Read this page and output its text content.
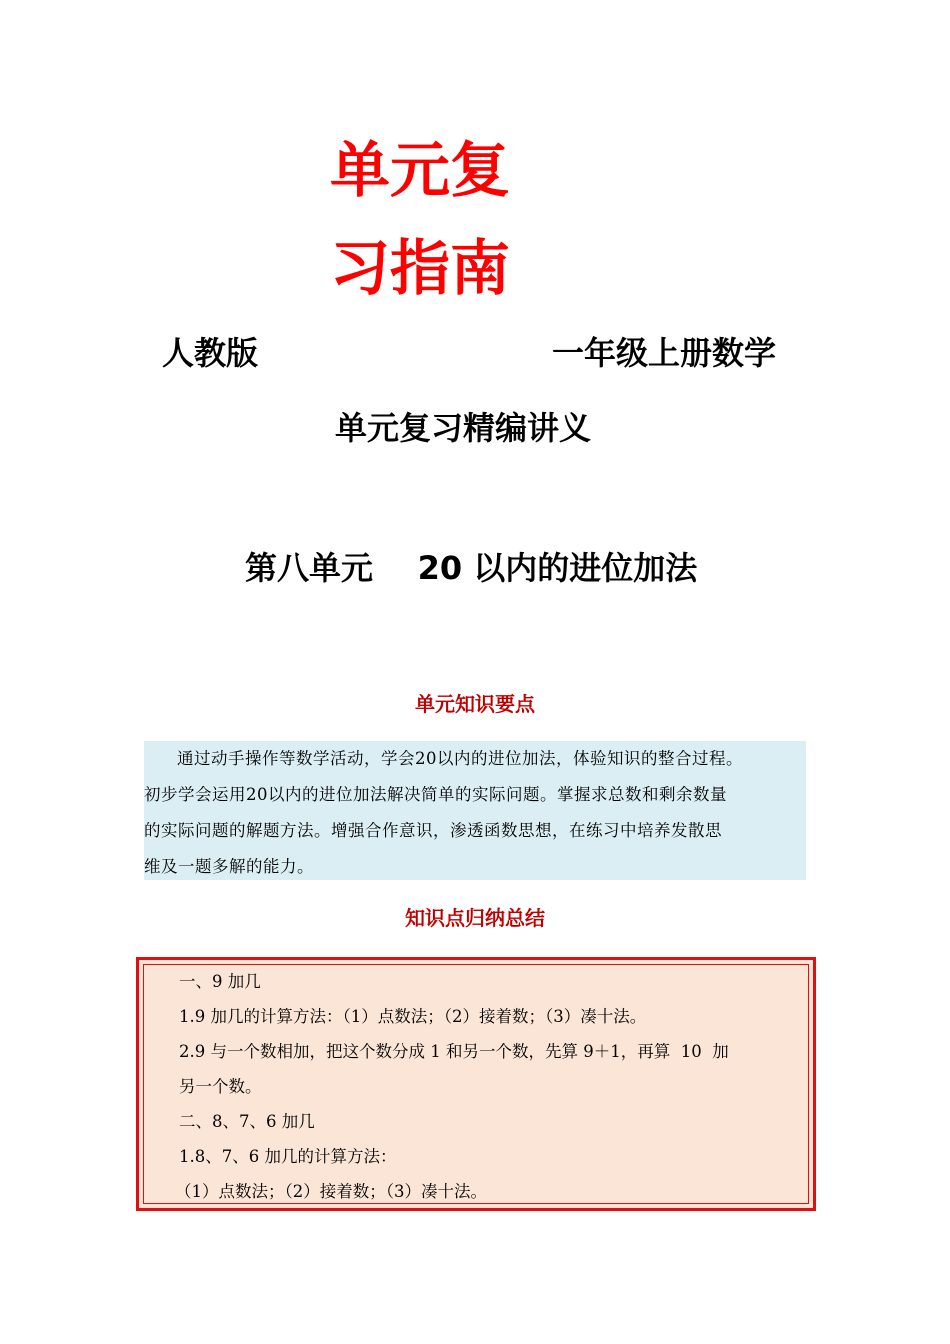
单元复
习指南
人教版	一年级上册数学
单元复习精编讲义
第八单元    20 以内的进位加法
单元知识要点

通过动手操作等数学活动，学会20以内的进位加法，体验知识的整合过程。

初步学会运用20以内的进位加法解决简单的实际问题。掌握求总数和剩余数量

的实际问题的解题方法。增强合作意识，渗透函数思想，在练习中培养发散思

维及一题多解的能力。

知识点归纳总结

一、9 加几

1.9 加几的计算方法：（1）点数法；（2）接着数；（3）凑十法。

2.9 与一个数相加，把这个数分成 1 和另一个数，先算 9＋1，再算  10  加

另一个数。

二、8、7、6 加几

1.8、7、6 加几的计算方法：

（1）点数法；（2）接着数；（3）凑十法。
